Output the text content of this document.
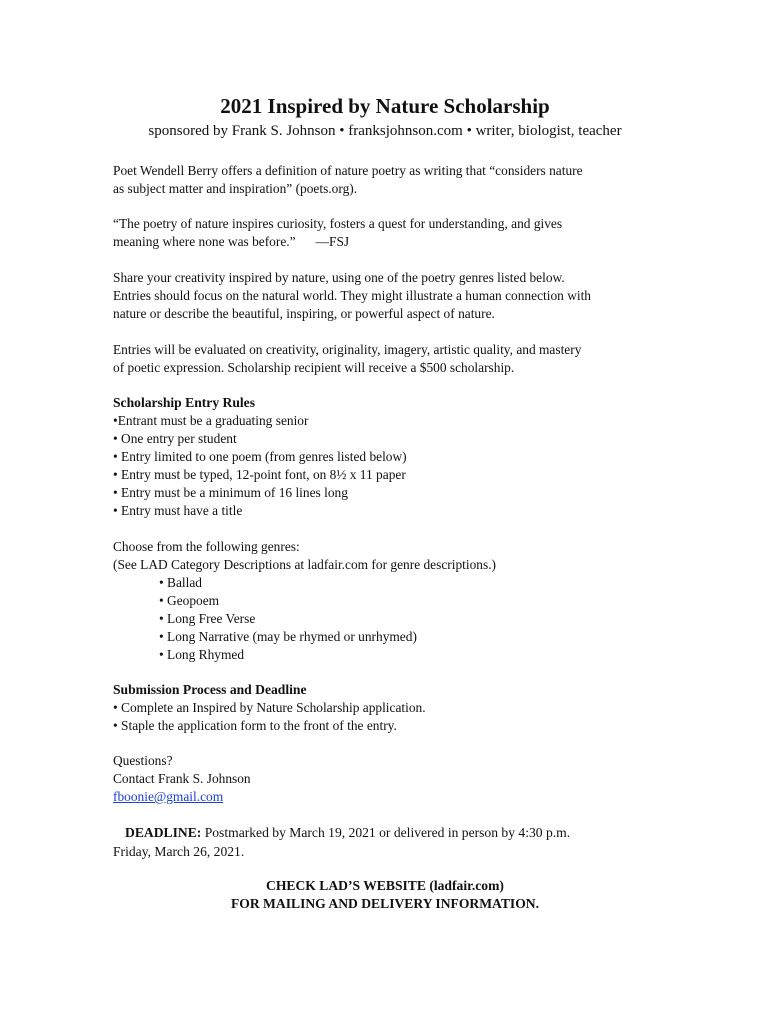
2021 Inspired by Nature Scholarship
sponsored by Frank S. Johnson • franksjohnson.com • writer, biologist, teacher

Poet Wendell Berry offers a definition of nature poetry as writing that “considers nature

as subject matter and inspiration” (poets.org).

“The poetry of nature inspires curiosity, fosters a quest for understanding, and gives

meaning where none was before.”      —FSJ

Share your creativity inspired by nature, using one of the poetry genres listed below.

Entries should focus on the natural world. They might illustrate a human connection with

nature or describe the beautiful, inspiring, or powerful aspect of nature.

Entries will be evaluated on creativity, originality, imagery, artistic quality, and mastery

of poetic expression. Scholarship recipient will receive a $500 scholarship.

Scholarship Entry Rules

•Entrant must be a graduating senior

• One entry per student

• Entry limited to one poem (from genres listed below)

• Entry must be typed, 12-point font, on 8½ x 11 paper

• Entry must be a minimum of 16 lines long

• Entry must have a title

Choose from the following genres:

(See LAD Category Descriptions at ladfair.com for genre descriptions.)

• Ballad

• Geopoem

• Long Free Verse

• Long Narrative (may be rhymed or unrhymed)

• Long Rhymed

Submission Process and Deadline

• Complete an Inspired by Nature Scholarship application.

• Staple the application form to the front of the entry.

Questions?

Contact Frank S. Johnson

fboonie@gmail.com

DEADLINE: Postmarked by March 19, 2021 or delivered in person by 4:30 p.m.
Friday, March 26, 2021.
CHECK LAD’S WEBSITE (ladfair.com)
FOR MAILING AND DELIVERY INFORMATION.
